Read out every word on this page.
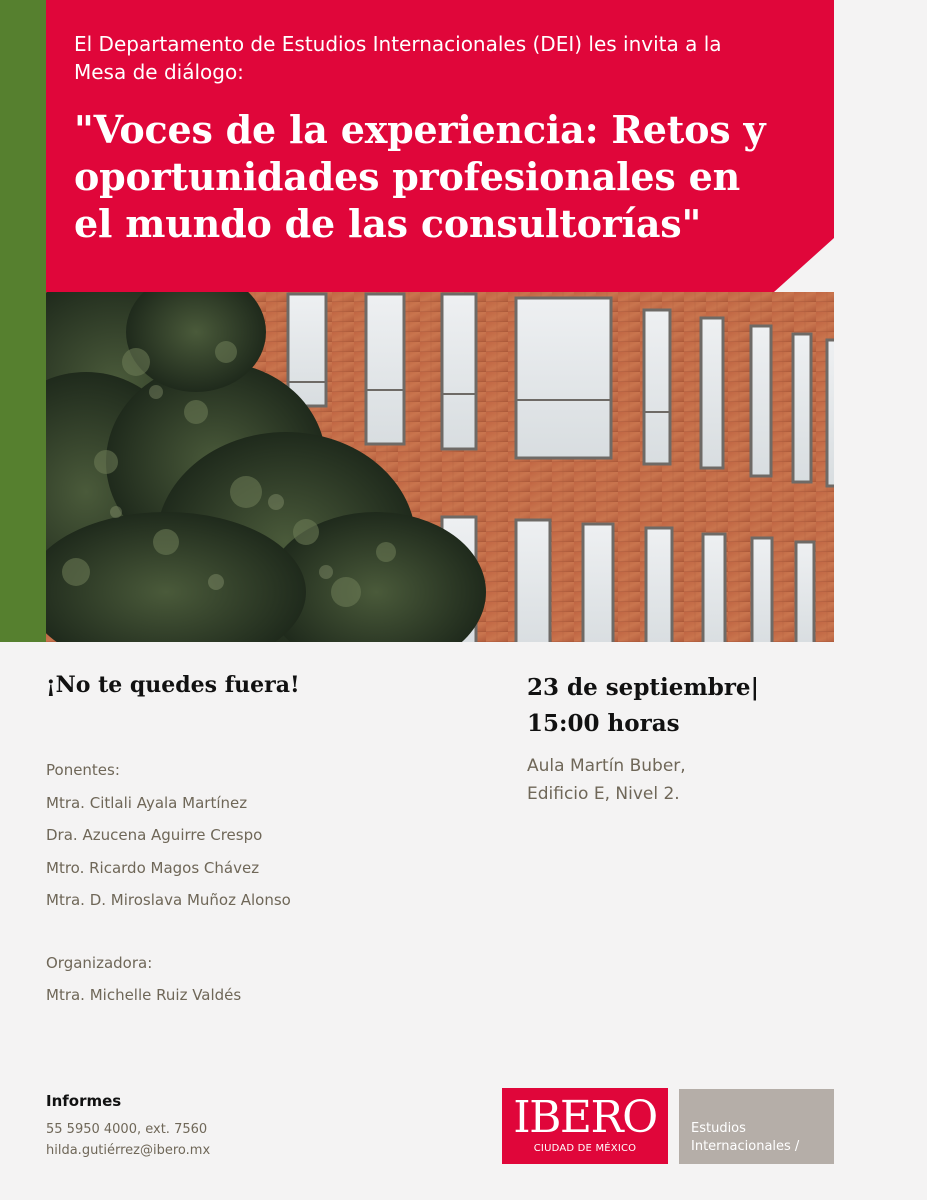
El Departamento de Estudios Internacionales (DEI) les invita a la
Mesa de diálogo:
"Voces de la experiencia: Retos y
oportunidades profesionales en
el mundo de las consultorías"
¡No te quedes fuera!	23 de septiembre|
15:00 horas
Aula Martín Buber,
Edificio E, Nivel 2.
Ponentes:
Mtra. Citlali Ayala Martínez
Dra. Azucena Aguirre Crespo
Mtro. Ricardo Magos Chávez
Mtra. D. Miroslava Muñoz Alonso
Organizadora:
Mtra. Michelle Ruiz Valdés
Informes
55 5950 4000, ext. 7560
hilda.gutiérrez@ibero.mx
IBERO
CIUDAD DE MÉXICO
Estudios
Internacionales /
